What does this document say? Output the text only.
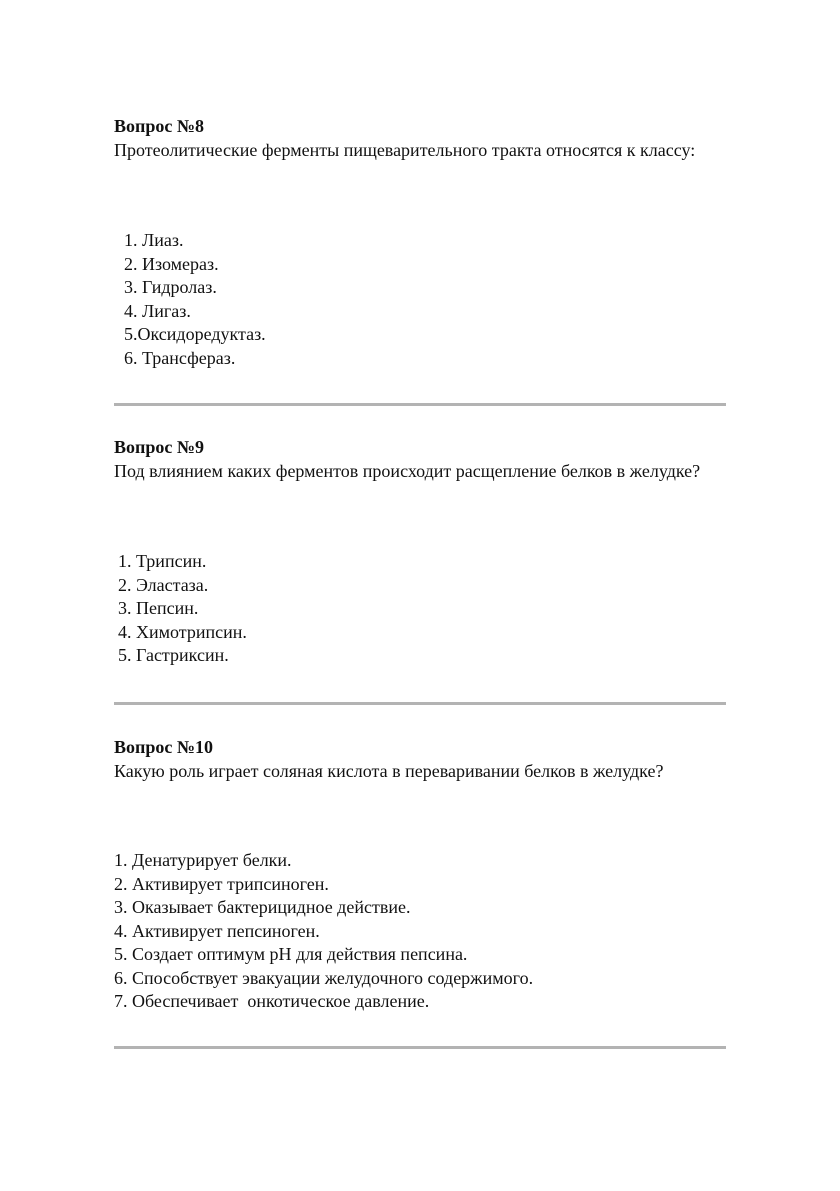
Вопрос №8

Протеолитические ферменты пищеварительного тракта относятся к классу:

1. Лиаз.
2. Изомераз.
3. Гидролаз.
4. Лигаз.
5.Оксидоредуктаз.
6. Трансфераз.

Вопрос №9

Под влиянием каких ферментов происходит расщепление белков в желудке?

1. Трипсин.
2. Эластаза.
3. Пепсин.
4. Химотрипсин.
5. Гастриксин.

Вопрос №10

Какую роль играет соляная кислота в переваривании белков в желудке?

1. Денатурирует белки.
2. Активирует трипсиноген.
3. Оказывает бактерицидное действие.
4. Активирует пепсиноген.
5. Создает оптимум pH для действия пепсина.
6. Способствует эвакуации желудочного содержимого.
7. Обеспечивает  онкотическое давление.
